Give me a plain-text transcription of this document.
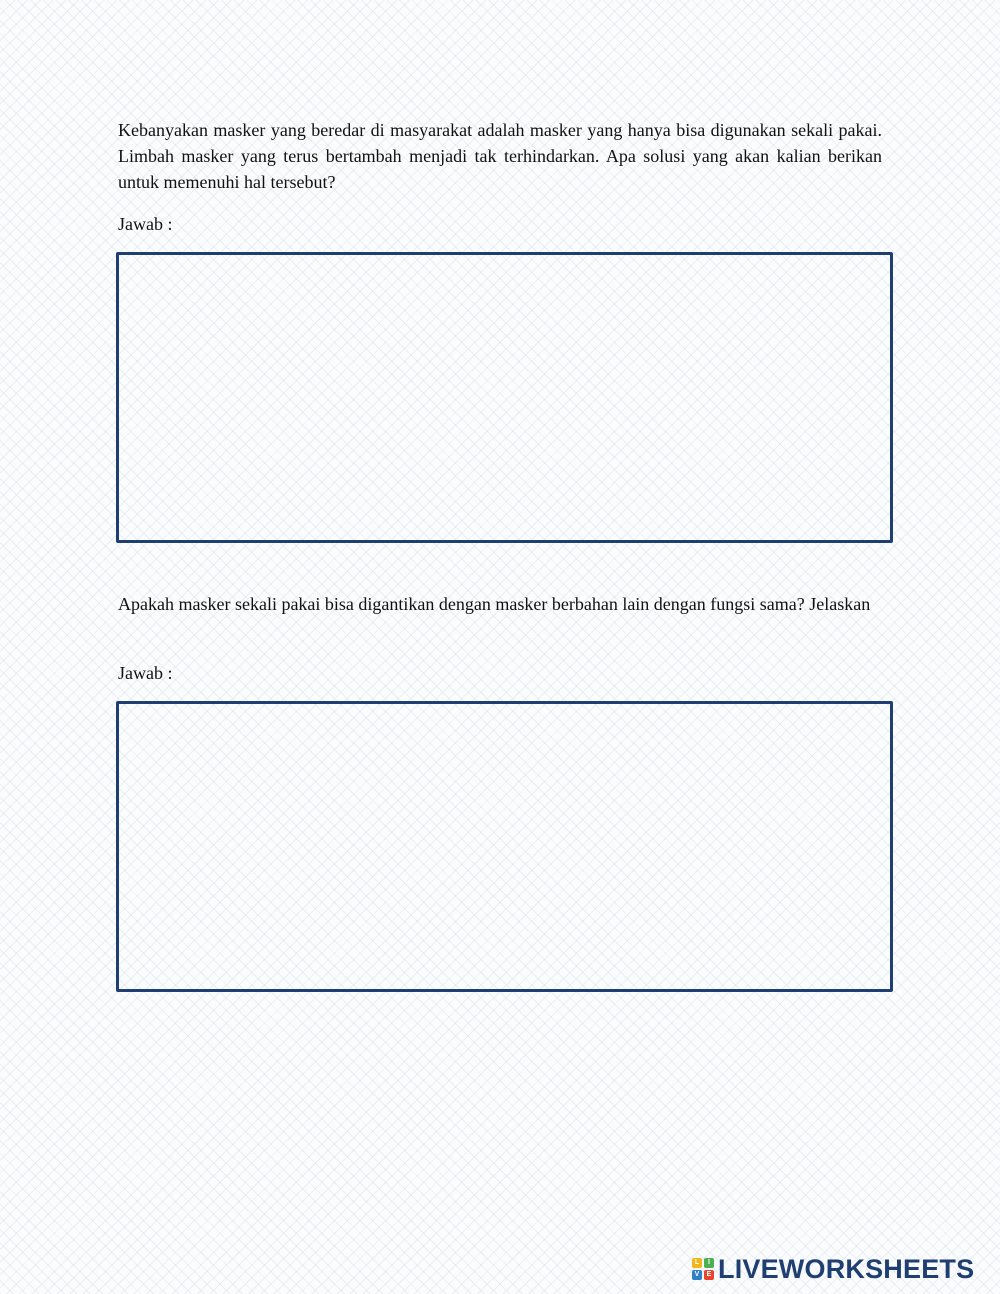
Kebanyakan masker yang beredar di masyarakat adalah masker yang hanya bisa digunakan sekali pakai. Limbah masker yang terus bertambah menjadi tak terhindarkan. Apa solusi yang akan kalian berikan untuk memenuhi hal tersebut?

Jawab :

Apakah masker sekali pakai bisa digantikan dengan masker berbahan lain dengan fungsi sama? Jelaskan

Jawab :

L	I
V	E LIVEWORKSHEETS
